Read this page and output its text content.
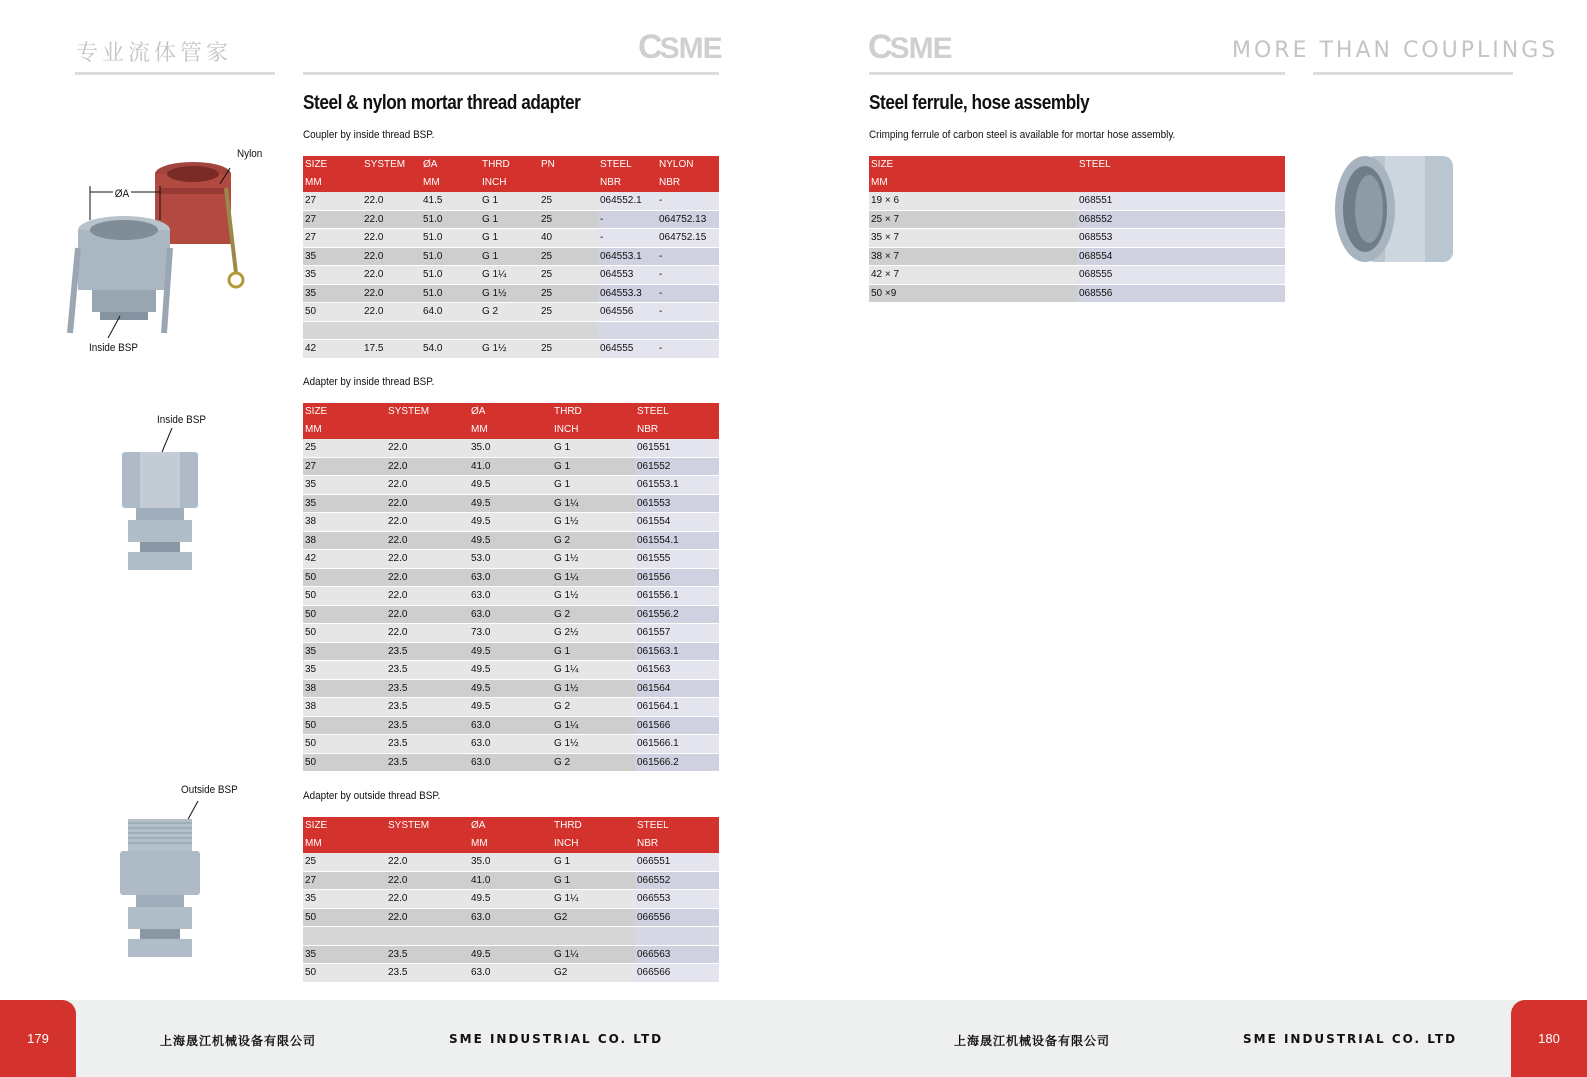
专业流体管家	CSME	CSME	MORE THAN COUPLINGS
Steel & nylon mortar thread adapter
Coupler by inside thread BSP.
SIZE	SYSTEM	ØA	THRD	PN	STEEL	NYLON
MM		MM	INCH		NBR	NBR
27	22.0	41.5	G 1	25	064552.1	-
27	22.0	51.0	G 1	25	-	064752.13
27	22.0	51.0	G 1	40	-	064752.15
35	22.0	51.0	G 1	25	064553.1	-
35	22.0	51.0	G 1¼	25	064553	-
35	22.0	51.0	G 1½	25	064553.3	-
50	22.0	64.0	G 2	25	064556	-

42	17.5	54.0	G 1½	25	064555	-
Adapter by inside thread BSP.
SIZE	SYSTEM	ØA	THRD	STEEL
MM		MM	INCH	NBR
25	22.0	35.0	G 1	061551
27	22.0	41.0	G 1	061552
35	22.0	49.5	G 1	061553.1
35	22.0	49.5	G 1¼	061553
38	22.0	49.5	G 1½	061554
38	22.0	49.5	G 2	061554.1
42	22.0	53.0	G 1½	061555
50	22.0	63.0	G 1¼	061556
50	22.0	63.0	G 1½	061556.1
50	22.0	63.0	G 2	061556.2
50	22.0	73.0	G 2½	061557
35	23.5	49.5	G 1	061563.1
35	23.5	49.5	G 1¼	061563
38	23.5	49.5	G 1½	061564
38	23.5	49.5	G 2	061564.1
50	23.5	63.0	G 1¼	061566
50	23.5	63.0	G 1½	061566.1
50	23.5	63.0	G 2	061566.2
Adapter by outside thread BSP.
SIZE	SYSTEM	ØA	THRD	STEEL
MM		MM	INCH	NBR
25	22.0	35.0	G 1	066551
27	22.0	41.0	G 1	066552
35	22.0	49.5	G 1¼	066553
50	22.0	63.0	G2	066556

35	23.5	49.5	G 1¼	066563
50	23.5	63.0	G2	066566
Steel ferrule, hose assembly
Crimping ferrule of carbon steel is available for mortar hose assembly.
SIZE	STEEL
MM	
19 × 6	068551
25 × 7	068552
35 × 7	068553
38 × 7	068554
42 × 7	068555
50 ×9	068556
Nylon
ØA
Inside BSP
Inside BSP
Outside BSP
179	180
上海晟江机械设备有限公司	SME INDUSTRIAL CO. LTD	上海晟江机械设备有限公司	SME INDUSTRIAL CO. LTD
